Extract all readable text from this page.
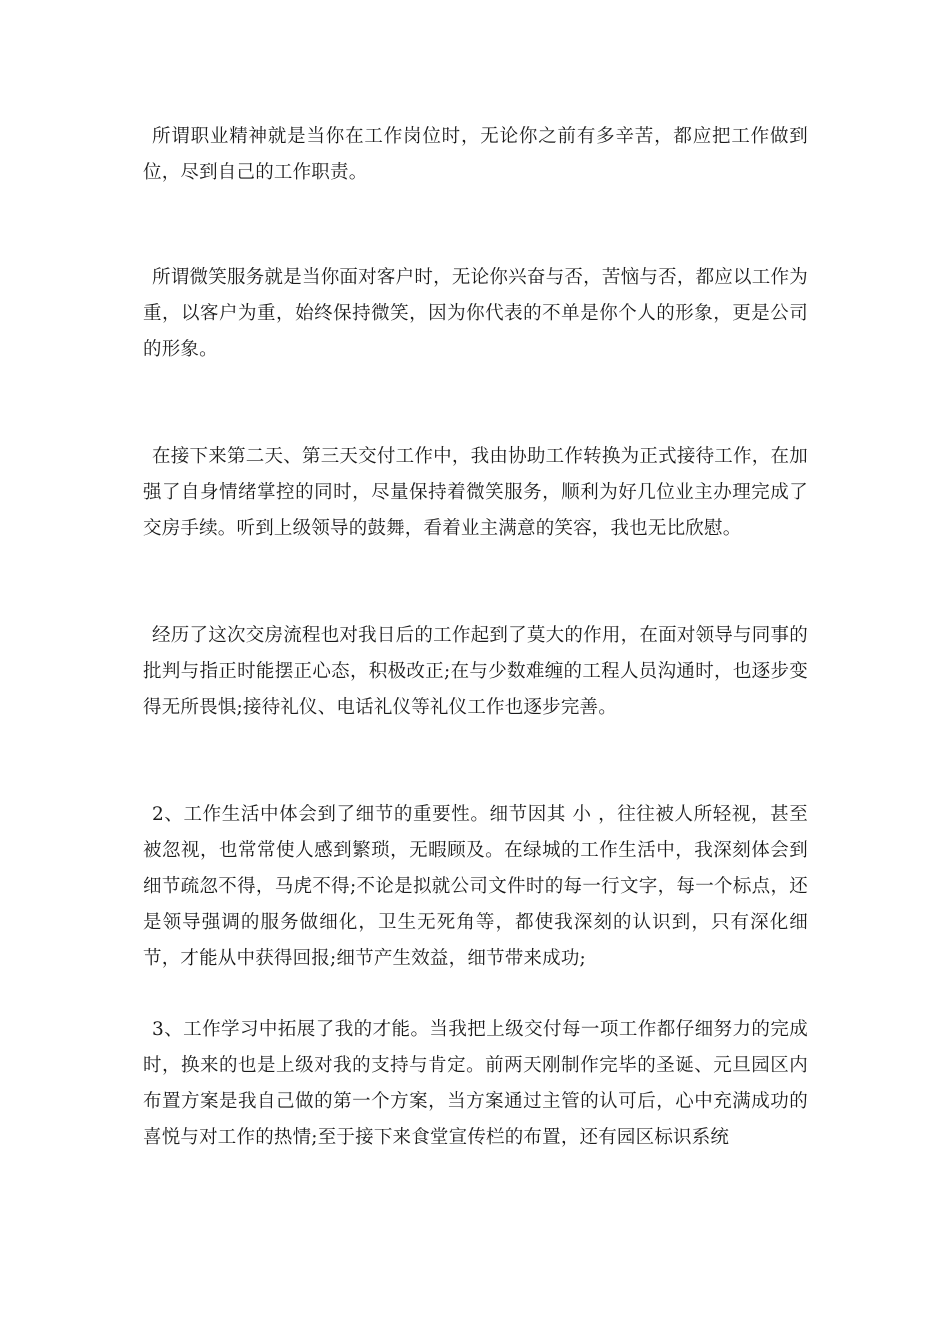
所谓职业精神就是当你在工作岗位时，无论你之前有多辛苦，都应把工作做到位，尽到自己的工作职责。

所谓微笑服务就是当你面对客户时，无论你兴奋与否，苦恼与否，都应以工作为重，以客户为重，始终保持微笑，因为你代表的不单是你个人的形象，更是公司的形象。

在接下来第二天、第三天交付工作中，我由协助工作转换为正式接待工作，在加强了自身情绪掌控的同时，尽量保持着微笑服务，顺利为好几位业主办理完成了交房手续。听到上级领导的鼓舞，看着业主满意的笑容，我也无比欣慰。

经历了这次交房流程也对我日后的工作起到了莫大的作用，在面对领导与同事的批判与指正时能摆正心态，积极改正;在与少数难缠的工程人员沟通时，也逐步变得无所畏惧;接待礼仪、电话礼仪等礼仪工作也逐步完善。

2、工作生活中体会到了细节的重要性。细节因其 小 ，往往被人所轻视，甚至被忽视，也常常使人感到繁琐，无暇顾及。在绿城的工作生活中，我深刻体会到细节疏忽不得，马虎不得;不论是拟就公司文件时的每一行文字，每一个标点，还是领导强调的服务做细化，卫生无死角等，都使我深刻的认识到，只有深化细节，才能从中获得回报;细节产生效益，细节带来成功;

3、工作学习中拓展了我的才能。当我把上级交付每一项工作都仔细努力的完成时，换来的也是上级对我的支持与肯定。前两天刚制作完毕的圣诞、元旦园区内布置方案是我自己做的第一个方案，当方案通过主管的认可后，心中充满成功的喜悦与对工作的热情;至于接下来食堂宣传栏的布置，还有园区标识系统
